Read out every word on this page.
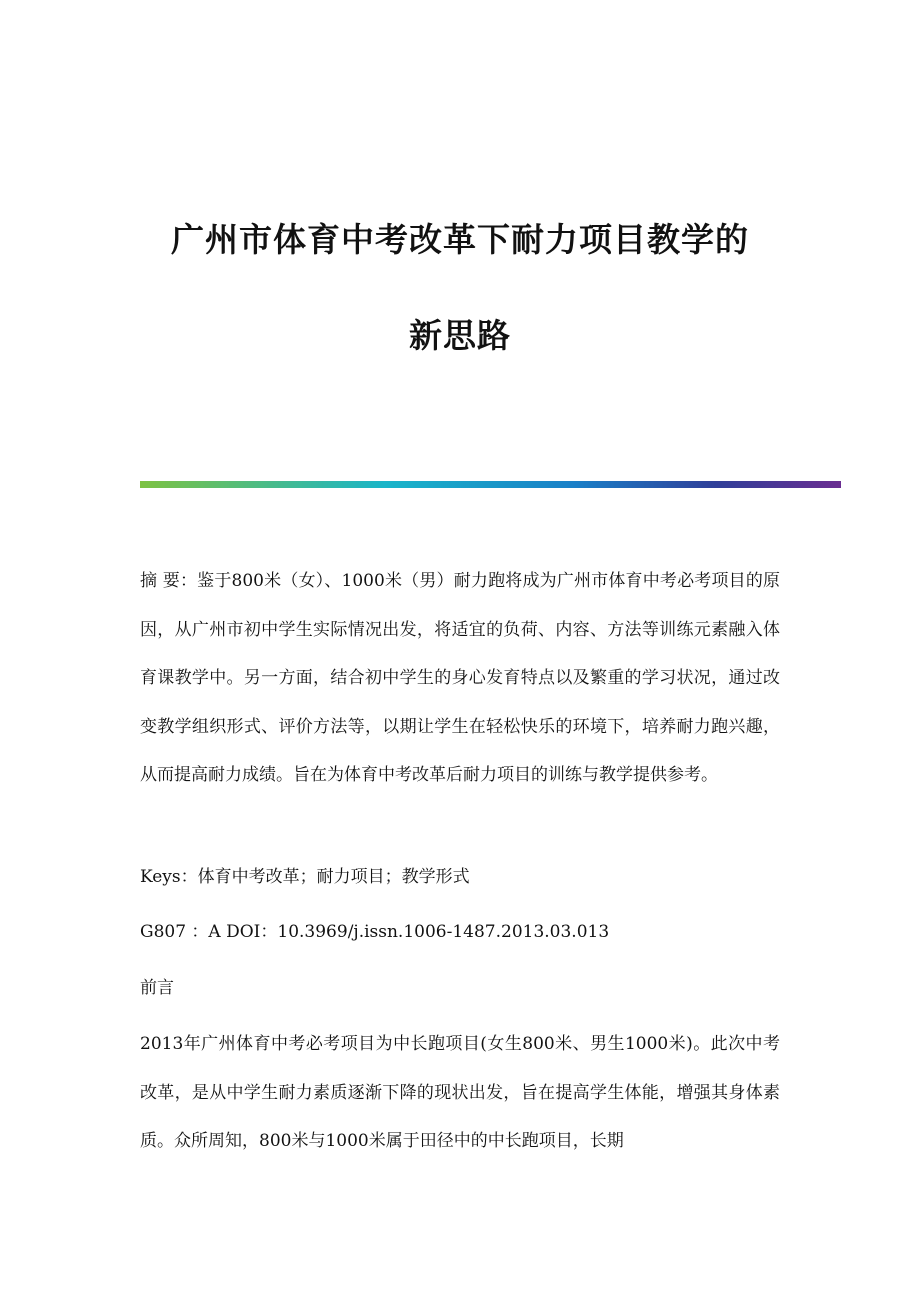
广州市体育中考改革下耐力项目教学的
新思路

摘 要：鉴于800米（女）、1000米（男）耐力跑将成为广州市体育中考必考项目的原因，从广州市初中学生实际情况出发，将适宜的负荷、内容、方法等训练元素融入体育课教学中。另一方面，结合初中学生的身心发育特点以及繁重的学习状况，通过改变教学组织形式、评价方法等，以期让学生在轻松快乐的环境下，培养耐力跑兴趣，从而提高耐力成绩。旨在为体育中考改革后耐力项目的训练与教学提供参考。

Keys：体育中考改革；耐力项目；教学形式

G807 ：A DOI：10.3969/j.issn.1006-1487.2013.03.013

前言

2013年广州体育中考必考项目为中长跑项目(女生800米、男生1000米)。此次中考改革，是从中学生耐力素质逐渐下降的现状出发，旨在提高学生体能，增强其身体素质。众所周知，800米与1000米属于田径中的中长跑项目，长期
